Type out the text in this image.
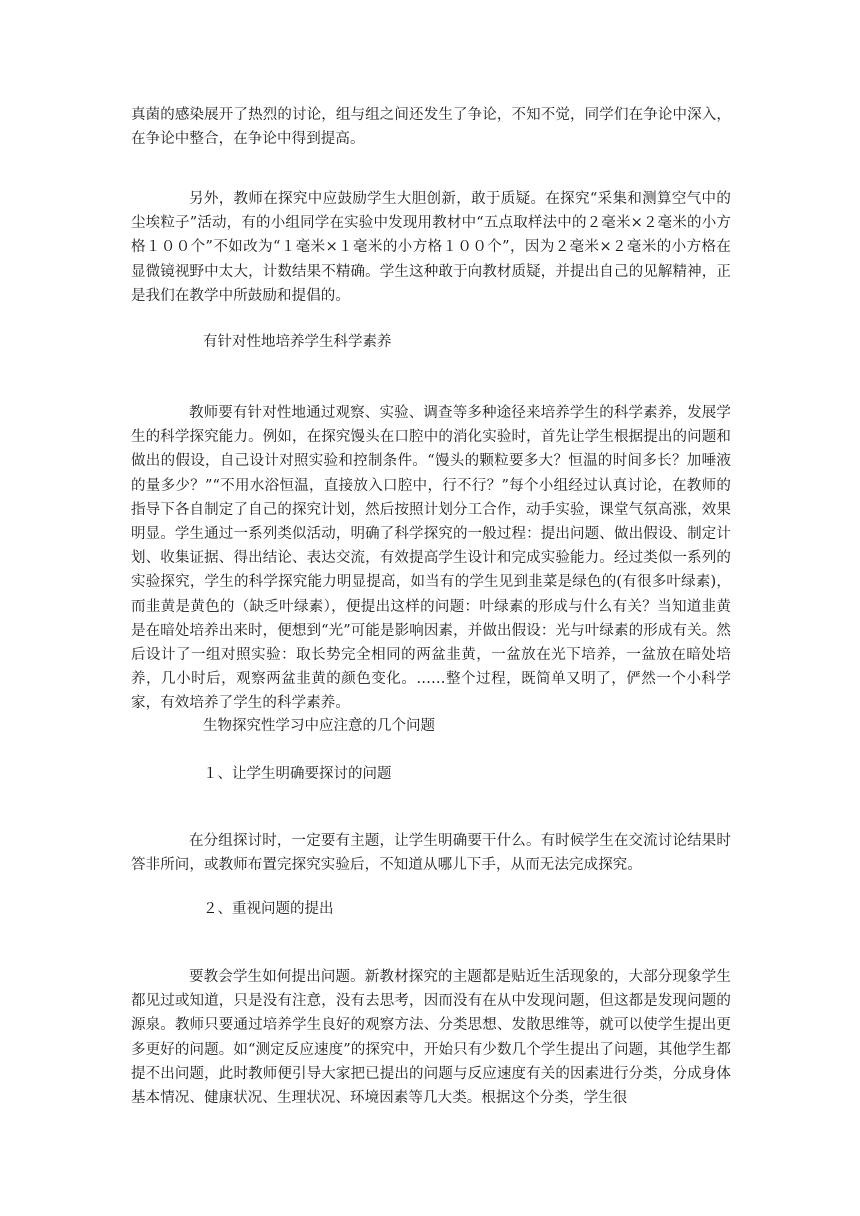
真菌的感染展开了热烈的讨论，组与组之间还发生了争论，不知不觉，同学们在争论中深入，在争论中整合，在争论中得到提高。

另外，教师在探究中应鼓励学生大胆创新，敢于质疑。在探究“采集和测算空气中的尘埃粒子”活动，有的小组同学在实验中发现用教材中“五点取样法中的２毫米×２毫米的小方格１００个”不如改为“１毫米×１毫米的小方格１００个”，因为２毫米×２毫米的小方格在显微镜视野中太大，计数结果不精确。学生这种敢于向教材质疑，并提出自己的见解精神，正是我们在教学中所鼓励和提倡的。

有针对性地培养学生科学素养

教师要有针对性地通过观察、实验、调查等多种途径来培养学生的科学素养，发展学生的科学探究能力。例如，在探究馒头在口腔中的消化实验时，首先让学生根据提出的问题和做出的假设，自己设计对照实验和控制条件。“馒头的颗粒要多大？恒温的时间多长？加唾液的量多少？”“不用水浴恒温，直接放入口腔中，行不行？”每个小组经过认真讨论，在教师的指导下各自制定了自己的探究计划，然后按照计划分工合作，动手实验，课堂气氛高涨，效果明显。学生通过一系列类似活动，明确了科学探究的一般过程：提出问题、做出假设、制定计划、收集证据、得出结论、表达交流，有效提高学生设计和完成实验能力。经过类似一系列的实验探究，学生的科学探究能力明显提高，如当有的学生见到韭菜是绿色的(有很多叶绿素)，而韭黄是黄色的（缺乏叶绿素），便提出这样的问题：叶绿素的形成与什么有关？当知道韭黄是在暗处培养出来时，便想到“光”可能是影响因素，并做出假设：光与叶绿素的形成有关。然后设计了一组对照实验：取长势完全相同的两盆韭黄，一盆放在光下培养，一盆放在暗处培养，几小时后，观察两盆韭黄的颜色变化。……整个过程，既简单又明了，俨然一个小科学家，有效培养了学生的科学素养。

生物探究性学习中应注意的几个问题

１、让学生明确要探讨的问题

在分组探讨时，一定要有主题，让学生明确要干什么。有时候学生在交流讨论结果时答非所问，或教师布置完探究实验后，不知道从哪儿下手，从而无法完成探究。

２、重视问题的提出

要教会学生如何提出问题。新教材探究的主题都是贴近生活现象的，大部分现象学生都见过或知道，只是没有注意，没有去思考，因而没有在从中发现问题，但这都是发现问题的源泉。教师只要通过培养学生良好的观察方法、分类思想、发散思维等，就可以使学生提出更多更好的问题。如“测定反应速度”的探究中，开始只有少数几个学生提出了问题，其他学生都提不出问题，此时教师便引导大家把已提出的问题与反应速度有关的因素进行分类，分成身体基本情况、健康状况、生理状况、环境因素等几大类。根据这个分类，学生很
